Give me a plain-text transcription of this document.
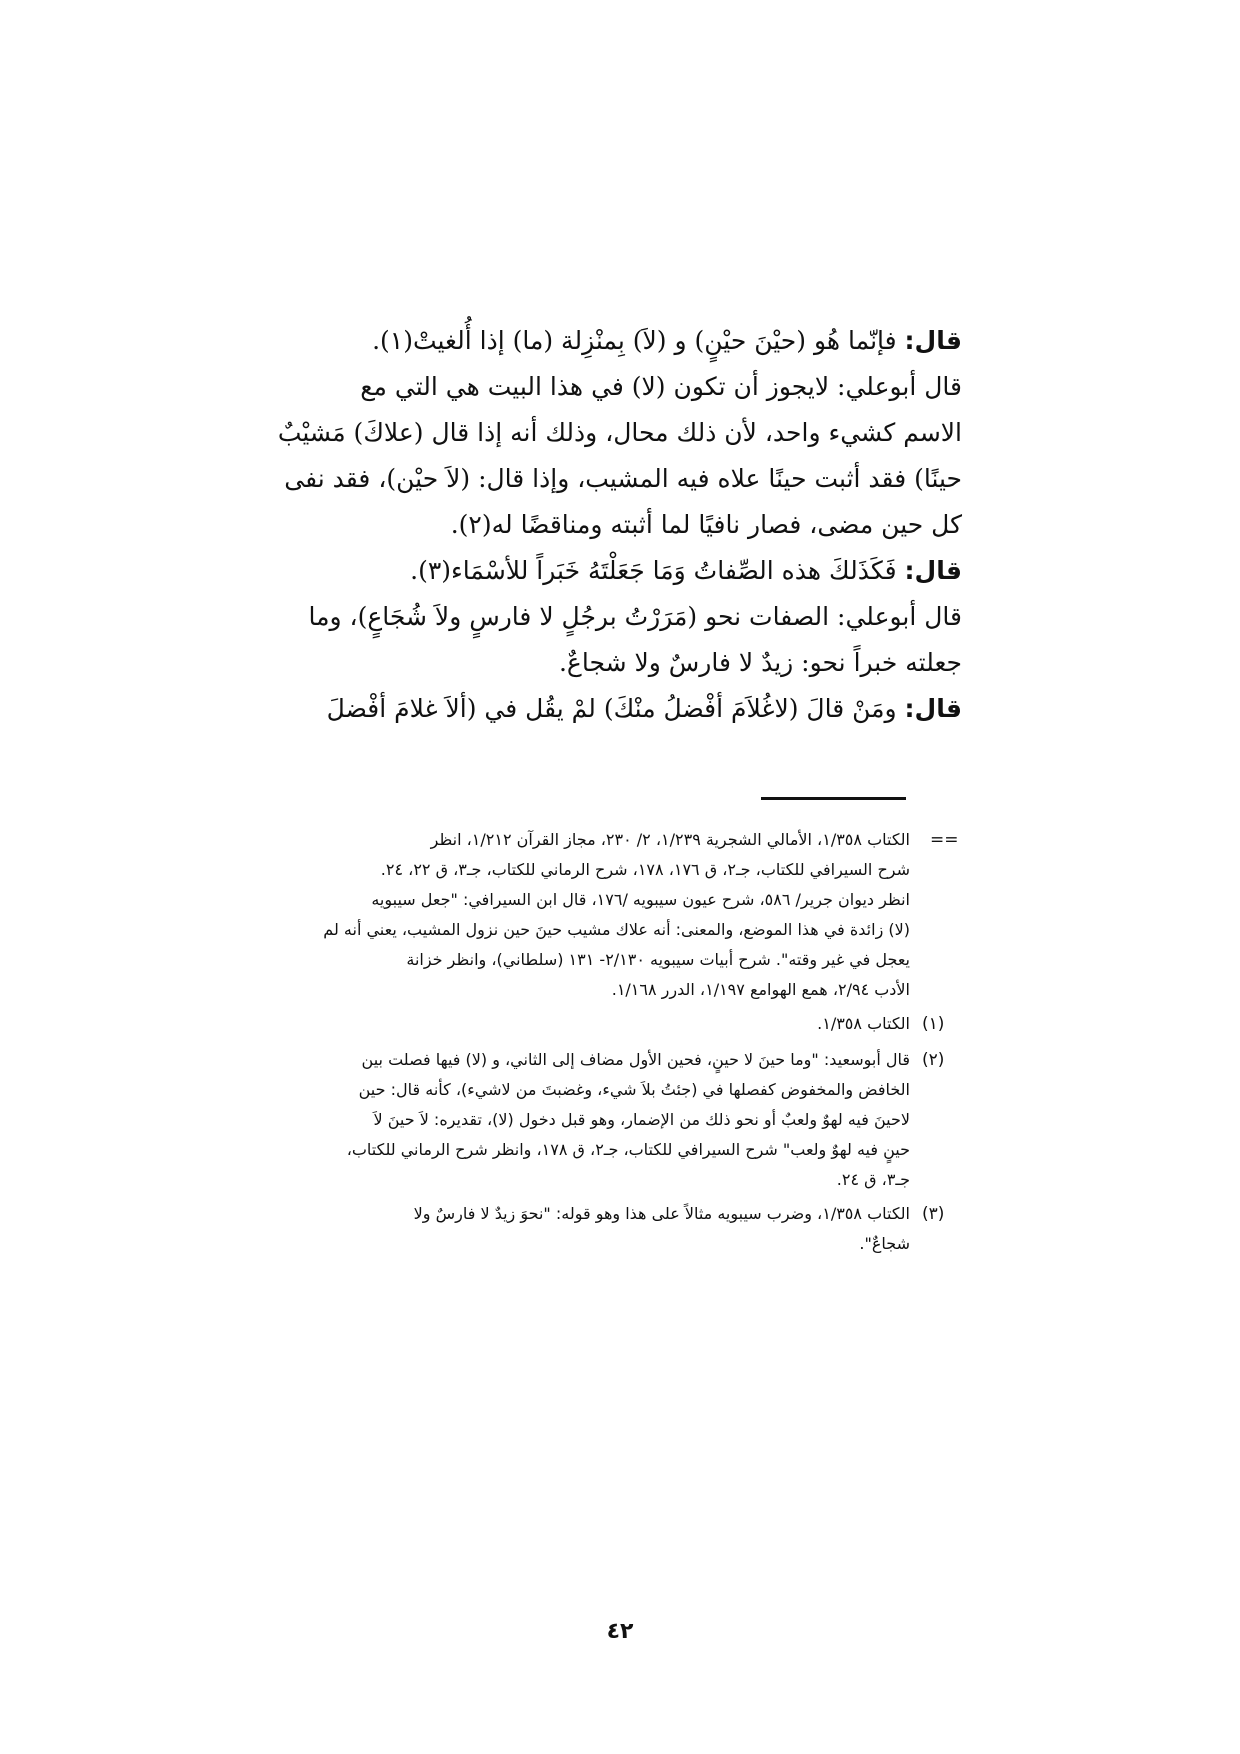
قال: فإنّما هُو (حيْنَ حيْنٍ) و (لاَ) بِمنْزِلة (ما) إذا أُلغيتْ(١).
قال أبوعلي: لايجوز أن تكون (لا) في هذا البيت هي التي مع
الاسم كشيء واحد، لأن ذلك محال، وذلك أنه إذا قال (علاكَ) مَشيْبٌ
حينًا) فقد أثبت حينًا علاه فيه المشيب، وإذا قال: (لاَ حيْن)، فقد نفى
كل حين مضى، فصار نافيًا لما أثبته ومناقضًا له(٢).
قال: فَكَذَلكَ هذه الصِّفاتُ وَمَا جَعَلْتَهُ خَبَراً للأسْمَاء(٣).
قال أبوعلي: الصفات نحو (مَرَرْتُ برجُلٍ لا فارسٍ ولاَ شُجَاعٍ)، وما
جعلته خبراً نحو: زيدٌ لا فارسٌ ولا شجاعٌ.
قال: ومَنْ قالَ (لاغُلاَمَ أفْضلُ منْكَ) لمْ يقُل في (ألاَ غلامَ أفْضلَ
==
الكتاب ١/٣٥٨، الأمالي الشجرية ١/٢٣٩، ٢/ ٢٣٠، مجاز القرآن ١/٢١٢، انظر
شرح السيرافي للكتاب، جـ٢، ق ١٧٦، ١٧٨، شرح الرماني للكتاب، جـ٣، ق ٢٢، ٢٤.
انظر ديوان جرير/ ٥٨٦، شرح عيون سيبويه /١٧٦، قال ابن السيرافي: "جعل سيبويه
(لا) زائدة في هذا الموضع، والمعنى: أنه علاك مشيب حينَ حين نزول المشيب، يعني أنه لم
يعجل في غير وقته". شرح أبيات سيبويه ٢/١٣٠- ١٣١ (سلطاني)، وانظر خزانة
الأدب ٢/٩٤، همع الهوامع ١/١٩٧، الدرر ١/١٦٨.
(١)
الكتاب ١/٣٥٨.
(٢)
قال أبوسعيد: "وما حينَ لا حينٍ، فحين الأول مضاف إلى الثاني، و (لا) فيها فصلت بين
الخافض والمخفوض كفصلها في (جئتُ بلاَ شيء، وغضبتَ من لاشيء)، كأنه قال: حين
لاحينَ فيه لهوٌ ولعبٌ أو نحو ذلك من الإضمار، وهو قبل دخول (لا)، تقديره: لاَ حينَ لاَ
حينٍ فيه لهوٌ ولعب" شرح السيرافي للكتاب، جـ٢، ق ١٧٨، وانظر شرح الرماني للكتاب،
جـ٣، ق ٢٤.
(٣)
الكتاب ١/٣٥٨، وضرب سيبويه مثالاً على هذا وهو قوله: "نحوَ زيدٌ لا فارسٌ ولا
شجاعٌ".
٤٢
